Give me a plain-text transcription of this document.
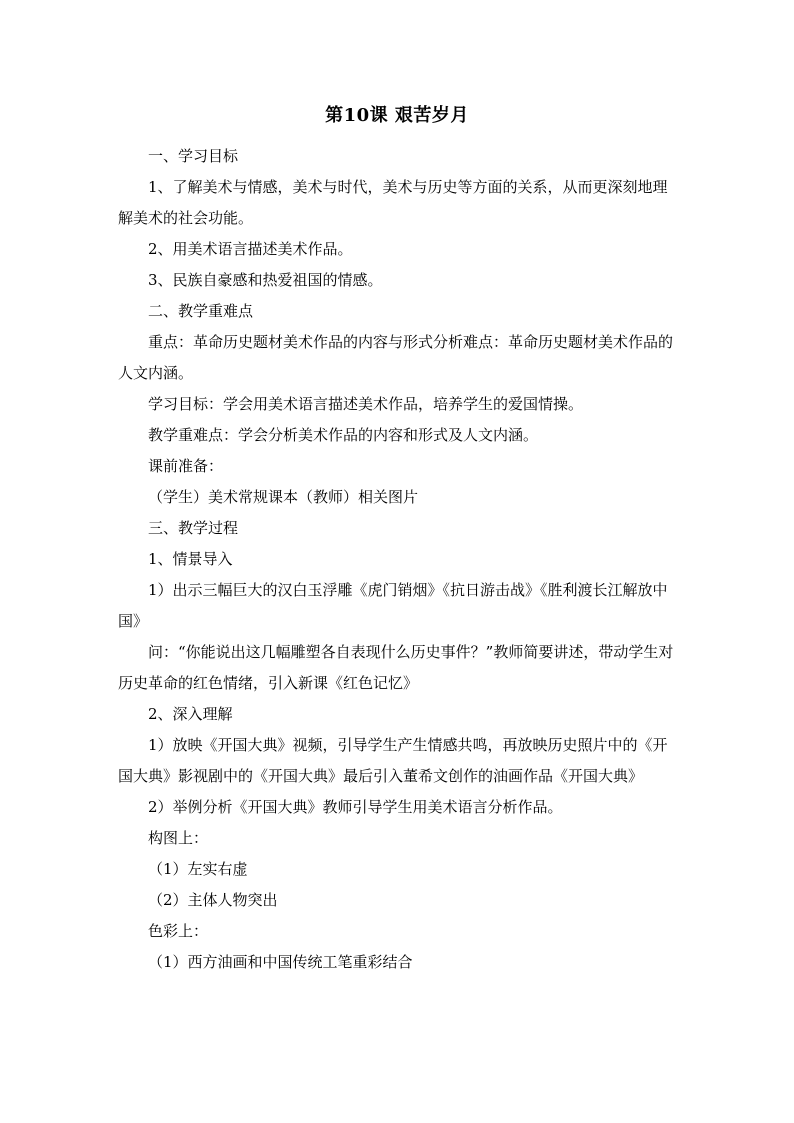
第10课 艰苦岁月

一、学习目标

1、了解美术与情感，美术与时代，美术与历史等方面的关系，从而更深刻地理解美术的社会功能。

2、用美术语言描述美术作品。

3、民族自豪感和热爱祖国的情感。

二、教学重难点

重点：革命历史题材美术作品的内容与形式分析难点：革命历史题材美术作品的人文内涵。

学习目标：学会用美术语言描述美术作品，培养学生的爱国情操。

教学重难点：学会分析美术作品的内容和形式及人文内涵。

课前准备：

（学生）美术常规课本（教师）相关图片

三、教学过程

1、情景导入

1）出示三幅巨大的汉白玉浮雕《虎门销烟》《抗日游击战》《胜利渡长江解放中国》

问：“你能说出这几幅雕塑各自表现什么历史事件？”教师简要讲述，带动学生对历史革命的红色情绪，引入新课《红色记忆》

2、深入理解

1）放映《开国大典》视频，引导学生产生情感共鸣，再放映历史照片中的《开国大典》影视剧中的《开国大典》最后引入董希文创作的油画作品《开国大典》

2）举例分析《开国大典》教师引导学生用美术语言分析作品。

构图上：

（1）左实右虚

（2）主体人物突出

色彩上：

（1）西方油画和中国传统工笔重彩结合
